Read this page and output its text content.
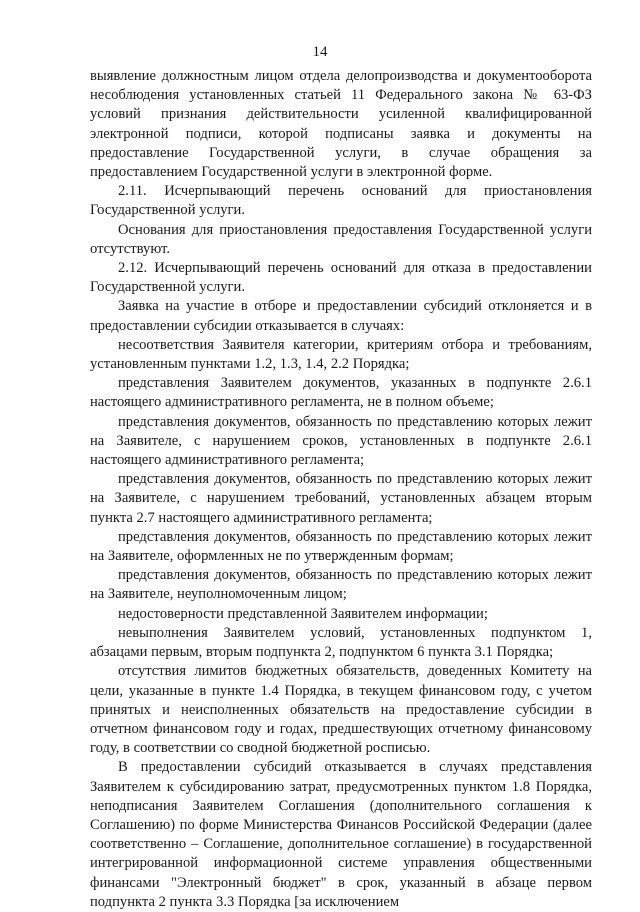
14

выявление должностным лицом отдела делопроизводства и документооборота несоблюдения установленных статьей 11 Федерального закона № 63-ФЗ условий признания действительности усиленной квалифицированной электронной подписи, которой подписаны заявка и документы на предоставление Государственной услуги, в случае обращения за предоставлением Государственной услуги в электронной форме.

2.11. Исчерпывающий перечень оснований для приостановления Государственной услуги.

Основания для приостановления предоставления Государственной услуги отсутствуют.

2.12. Исчерпывающий перечень оснований для отказа в предоставлении Государственной услуги.

Заявка на участие в отборе и предоставлении субсидий отклоняется и в предоставлении субсидии отказывается в случаях:

несоответствия Заявителя категории, критериям отбора и требованиям, установленным пунктами 1.2, 1.3, 1.4, 2.2 Порядка;

представления Заявителем документов, указанных в подпункте 2.6.1 настоящего административного регламента, не в полном объеме;

представления документов, обязанность по представлению которых лежит на Заявителе, с нарушением сроков, установленных в подпункте 2.6.1 настоящего административного регламента;

представления документов, обязанность по представлению которых лежит на Заявителе, с нарушением требований, установленных абзацем вторым пункта 2.7 настоящего административного регламента;

представления документов, обязанность по представлению которых лежит на Заявителе, оформленных не по утвержденным формам;

представления документов, обязанность по представлению которых лежит на Заявителе, неуполномоченным лицом;

недостоверности представленной Заявителем информации;

невыполнения Заявителем условий, установленных подпунктом 1, абзацами первым, вторым подпункта 2, подпунктом 6 пункта 3.1 Порядка;

отсутствия лимитов бюджетных обязательств, доведенных Комитету на цели, указанные в пункте 1.4 Порядка, в текущем финансовом году, с учетом принятых и неисполненных обязательств на предоставление субсидии в отчетном финансовом году и годах, предшествующих отчетному финансовому году, в соответствии со сводной бюджетной росписью.

В предоставлении субсидий отказывается в случаях представления Заявителем к субсидированию затрат, предусмотренных пунктом 1.8 Порядка, неподписания Заявителем Соглашения (дополнительного соглашения к Соглашению) по форме Министерства Финансов Российской Федерации (далее соответственно – Соглашение, дополнительное соглашение) в государственной интегрированной информационной системе управления общественными финансами "Электронный бюджет" в срок, указанный в абзаце первом подпункта 2 пункта 3.3 Порядка [за исключением
